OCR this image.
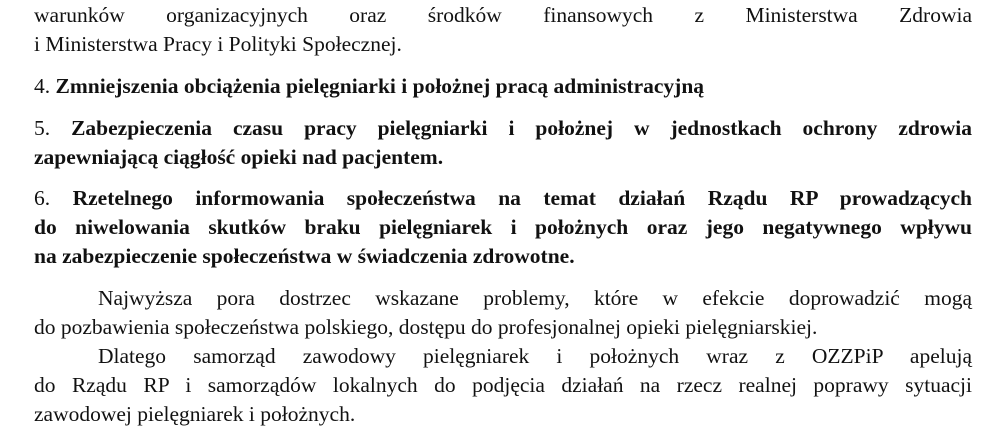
warunków organizacyjnych oraz środków finansowych z Ministerstwa Zdrowia
i Ministerstwa Pracy i Polityki Społecznej.
4. Zmniejszenia obciążenia pielęgniarki i położnej pracą administracyjną
5. Zabezpieczenia czasu pracy pielęgniarki i położnej w jednostkach ochrony zdrowia
zapewniającą ciągłość opieki nad pacjentem.
6. Rzetelnego informowania społeczeństwa na temat działań Rządu RP prowadzących
do niwelowania skutków braku pielęgniarek i położnych oraz jego negatywnego wpływu
na zabezpieczenie społeczeństwa w świadczenia zdrowotne.
Najwyższa pora dostrzec wskazane problemy, które w efekcie doprowadzić mogą
do pozbawienia społeczeństwa polskiego, dostępu do profesjonalnej opieki pielęgniarskiej.
Dlatego samorząd zawodowy pielęgniarek i położnych wraz z OZZPiP apelują
do Rządu RP i samorządów lokalnych do podjęcia działań na rzecz realnej poprawy sytuacji
zawodowej pielęgniarek i położnych.
